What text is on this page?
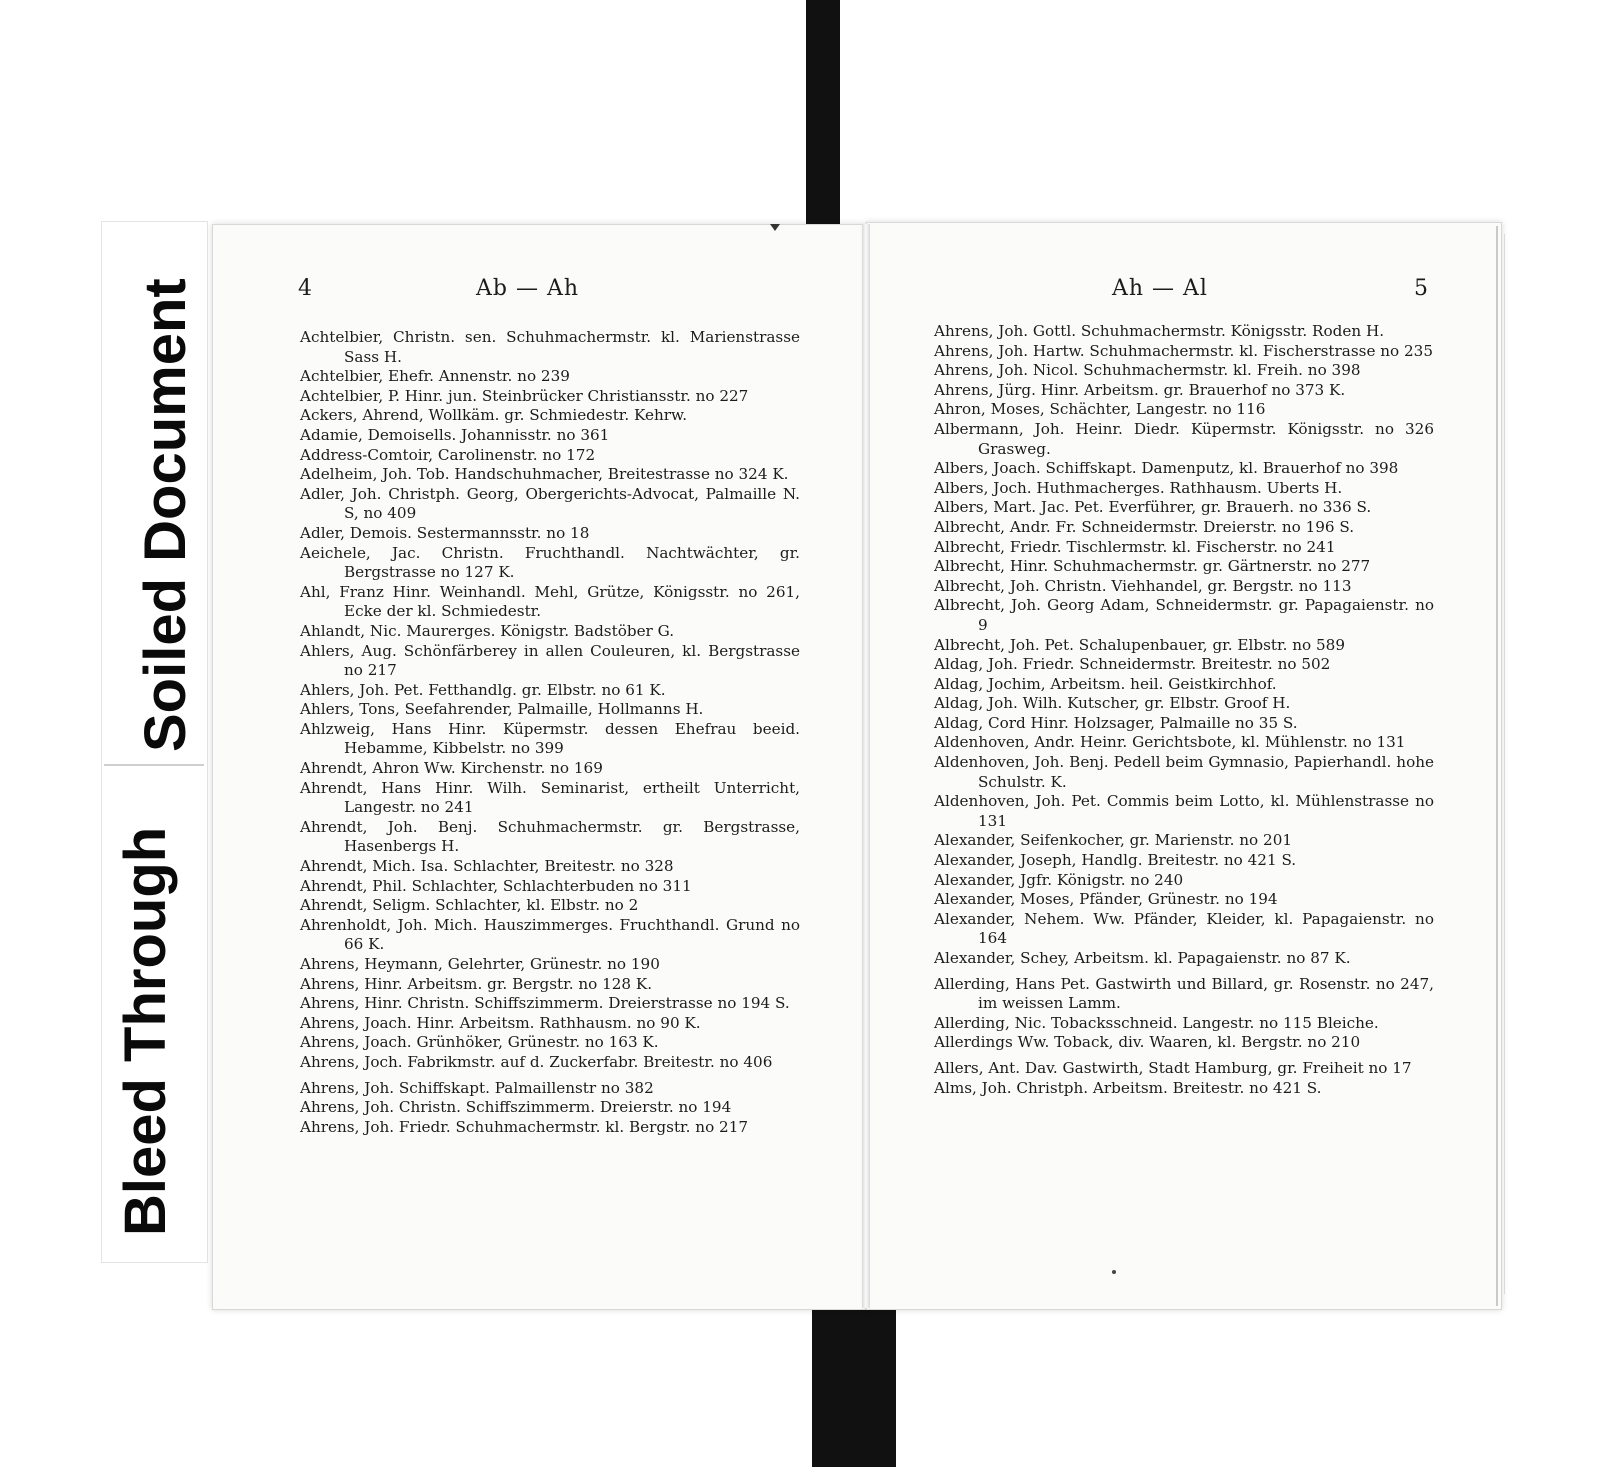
Soiled Document
Bleed Through
4	Ab — Ah
Achtelbier, Christn. sen. Schuhmachermstr. kl. Marienstrasse Sass H.
Achtelbier, Ehefr. Annenstr. no 239
Achtelbier, P. Hinr. jun. Steinbrücker Christiansstr. no 227
Ackers, Ahrend, Wollkäm. gr. Schmiedestr. Kehrw.
Adamie, Demoisells. Johannisstr. no 361
Address-Comtoir, Carolinenstr. no 172
Adelheim, Joh. Tob. Handschuhmacher, Breitestrasse no 324 K.
Adler, Joh. Christph. Georg, Obergerichts-Advocat, Palmaille N. S, no 409
Adler, Demois. Sestermannsstr. no 18
Aeichele, Jac. Christn. Fruchthandl. Nachtwächter, gr. Bergstrasse no 127 K.
Ahl, Franz Hinr. Weinhandl. Mehl, Grütze, Königsstr. no 261, Ecke der kl. Schmiedestr.
Ahlandt, Nic. Maurerges. Königstr. Badstöber G.
Ahlers, Aug. Schönfärberey in allen Couleuren, kl. Bergstrasse no 217
Ahlers, Joh. Pet. Fetthandlg. gr. Elbstr. no 61 K.
Ahlers, Tons, Seefahrender, Palmaille, Hollmanns H.
Ahlzweig, Hans Hinr. Küpermstr. dessen Ehefrau beeid. Hebamme, Kibbelstr. no 399
Ahrendt, Ahron Ww. Kirchenstr. no 169
Ahrendt, Hans Hinr. Wilh. Seminarist, ertheilt Unterricht, Langestr. no 241
Ahrendt, Joh. Benj. Schuhmachermstr. gr. Bergstrasse, Hasenbergs H.
Ahrendt, Mich. Isa. Schlachter, Breitestr. no 328
Ahrendt, Phil. Schlachter, Schlachterbuden no 311
Ahrendt, Seligm. Schlachter, kl. Elbstr. no 2
Ahrenholdt, Joh. Mich. Hauszimmerges. Fruchthandl. Grund no 66 K.
Ahrens, Heymann, Gelehrter, Grünestr. no 190
Ahrens, Hinr. Arbeitsm. gr. Bergstr. no 128 K.
Ahrens, Hinr. Christn. Schiffszimmerm. Dreierstrasse no 194 S.
Ahrens, Joach. Hinr. Arbeitsm. Rathhausm. no 90 K.
Ahrens, Joach. Grünhöker, Grünestr. no 163 K.
Ahrens, Joch. Fabrikmstr. auf d. Zuckerfabr. Breitestr. no 406
Ahrens, Joh. Schiffskapt. Palmaillenstr no 382
Ahrens, Joh. Christn. Schiffszimmerm. Dreierstr. no 194
Ahrens, Joh. Friedr. Schuhmachermstr. kl. Bergstr. no 217
Ah — Al	5
Ahrens, Joh. Gottl. Schuhmachermstr. Königsstr. Roden H.
Ahrens, Joh. Hartw. Schuhmachermstr. kl. Fischerstrasse no 235
Ahrens, Joh. Nicol. Schuhmachermstr. kl. Freih. no 398
Ahrens, Jürg. Hinr. Arbeitsm. gr. Brauerhof no 373 K.
Ahron, Moses, Schächter, Langestr. no 116
Albermann, Joh. Heinr. Diedr. Küpermstr. Königsstr. no 326 Grasweg.
Albers, Joach. Schiffskapt. Damenputz, kl. Brauerhof no 398
Albers, Joch. Huthmacherges. Rathhausm. Uberts H.
Albers, Mart. Jac. Pet. Everführer, gr. Brauerh. no 336 S.
Albrecht, Andr. Fr. Schneidermstr. Dreierstr. no 196 S.
Albrecht, Friedr. Tischlermstr. kl. Fischerstr. no 241
Albrecht, Hinr. Schuhmachermstr. gr. Gärtnerstr. no 277
Albrecht, Joh. Christn. Viehhandel, gr. Bergstr. no 113
Albrecht, Joh. Georg Adam, Schneidermstr. gr. Papagaienstr. no 9
Albrecht, Joh. Pet. Schalupenbauer, gr. Elbstr. no 589
Aldag, Joh. Friedr. Schneidermstr. Breitestr. no 502
Aldag, Jochim, Arbeitsm. heil. Geistkirchhof.
Aldag, Joh. Wilh. Kutscher, gr. Elbstr. Groof H.
Aldag, Cord Hinr. Holzsager, Palmaille no 35 S.
Aldenhoven, Andr. Heinr. Gerichtsbote, kl. Mühlenstr. no 131
Aldenhoven, Joh. Benj. Pedell beim Gymnasio, Papierhandl. hohe Schulstr. K.
Aldenhoven, Joh. Pet. Commis beim Lotto, kl. Mühlenstrasse no 131
Alexander, Seifenkocher, gr. Marienstr. no 201
Alexander, Joseph, Handlg. Breitestr. no 421 S.
Alexander, Jgfr. Königstr. no 240
Alexander, Moses, Pfänder, Grünestr. no 194
Alexander, Nehem. Ww. Pfänder, Kleider, kl. Papagaienstr. no 164
Alexander, Schey, Arbeitsm. kl. Papagaienstr. no 87 K.
Allerding, Hans Pet. Gastwirth und Billard, gr. Rosenstr. no 247, im weissen Lamm.
Allerding, Nic. Tobacksschneid. Langestr. no 115 Bleiche.
Allerdings Ww. Toback, div. Waaren, kl. Bergstr. no 210
Allers, Ant. Dav. Gastwirth, Stadt Hamburg, gr. Freiheit no 17
Alms, Joh. Christph. Arbeitsm. Breitestr. no 421 S.
